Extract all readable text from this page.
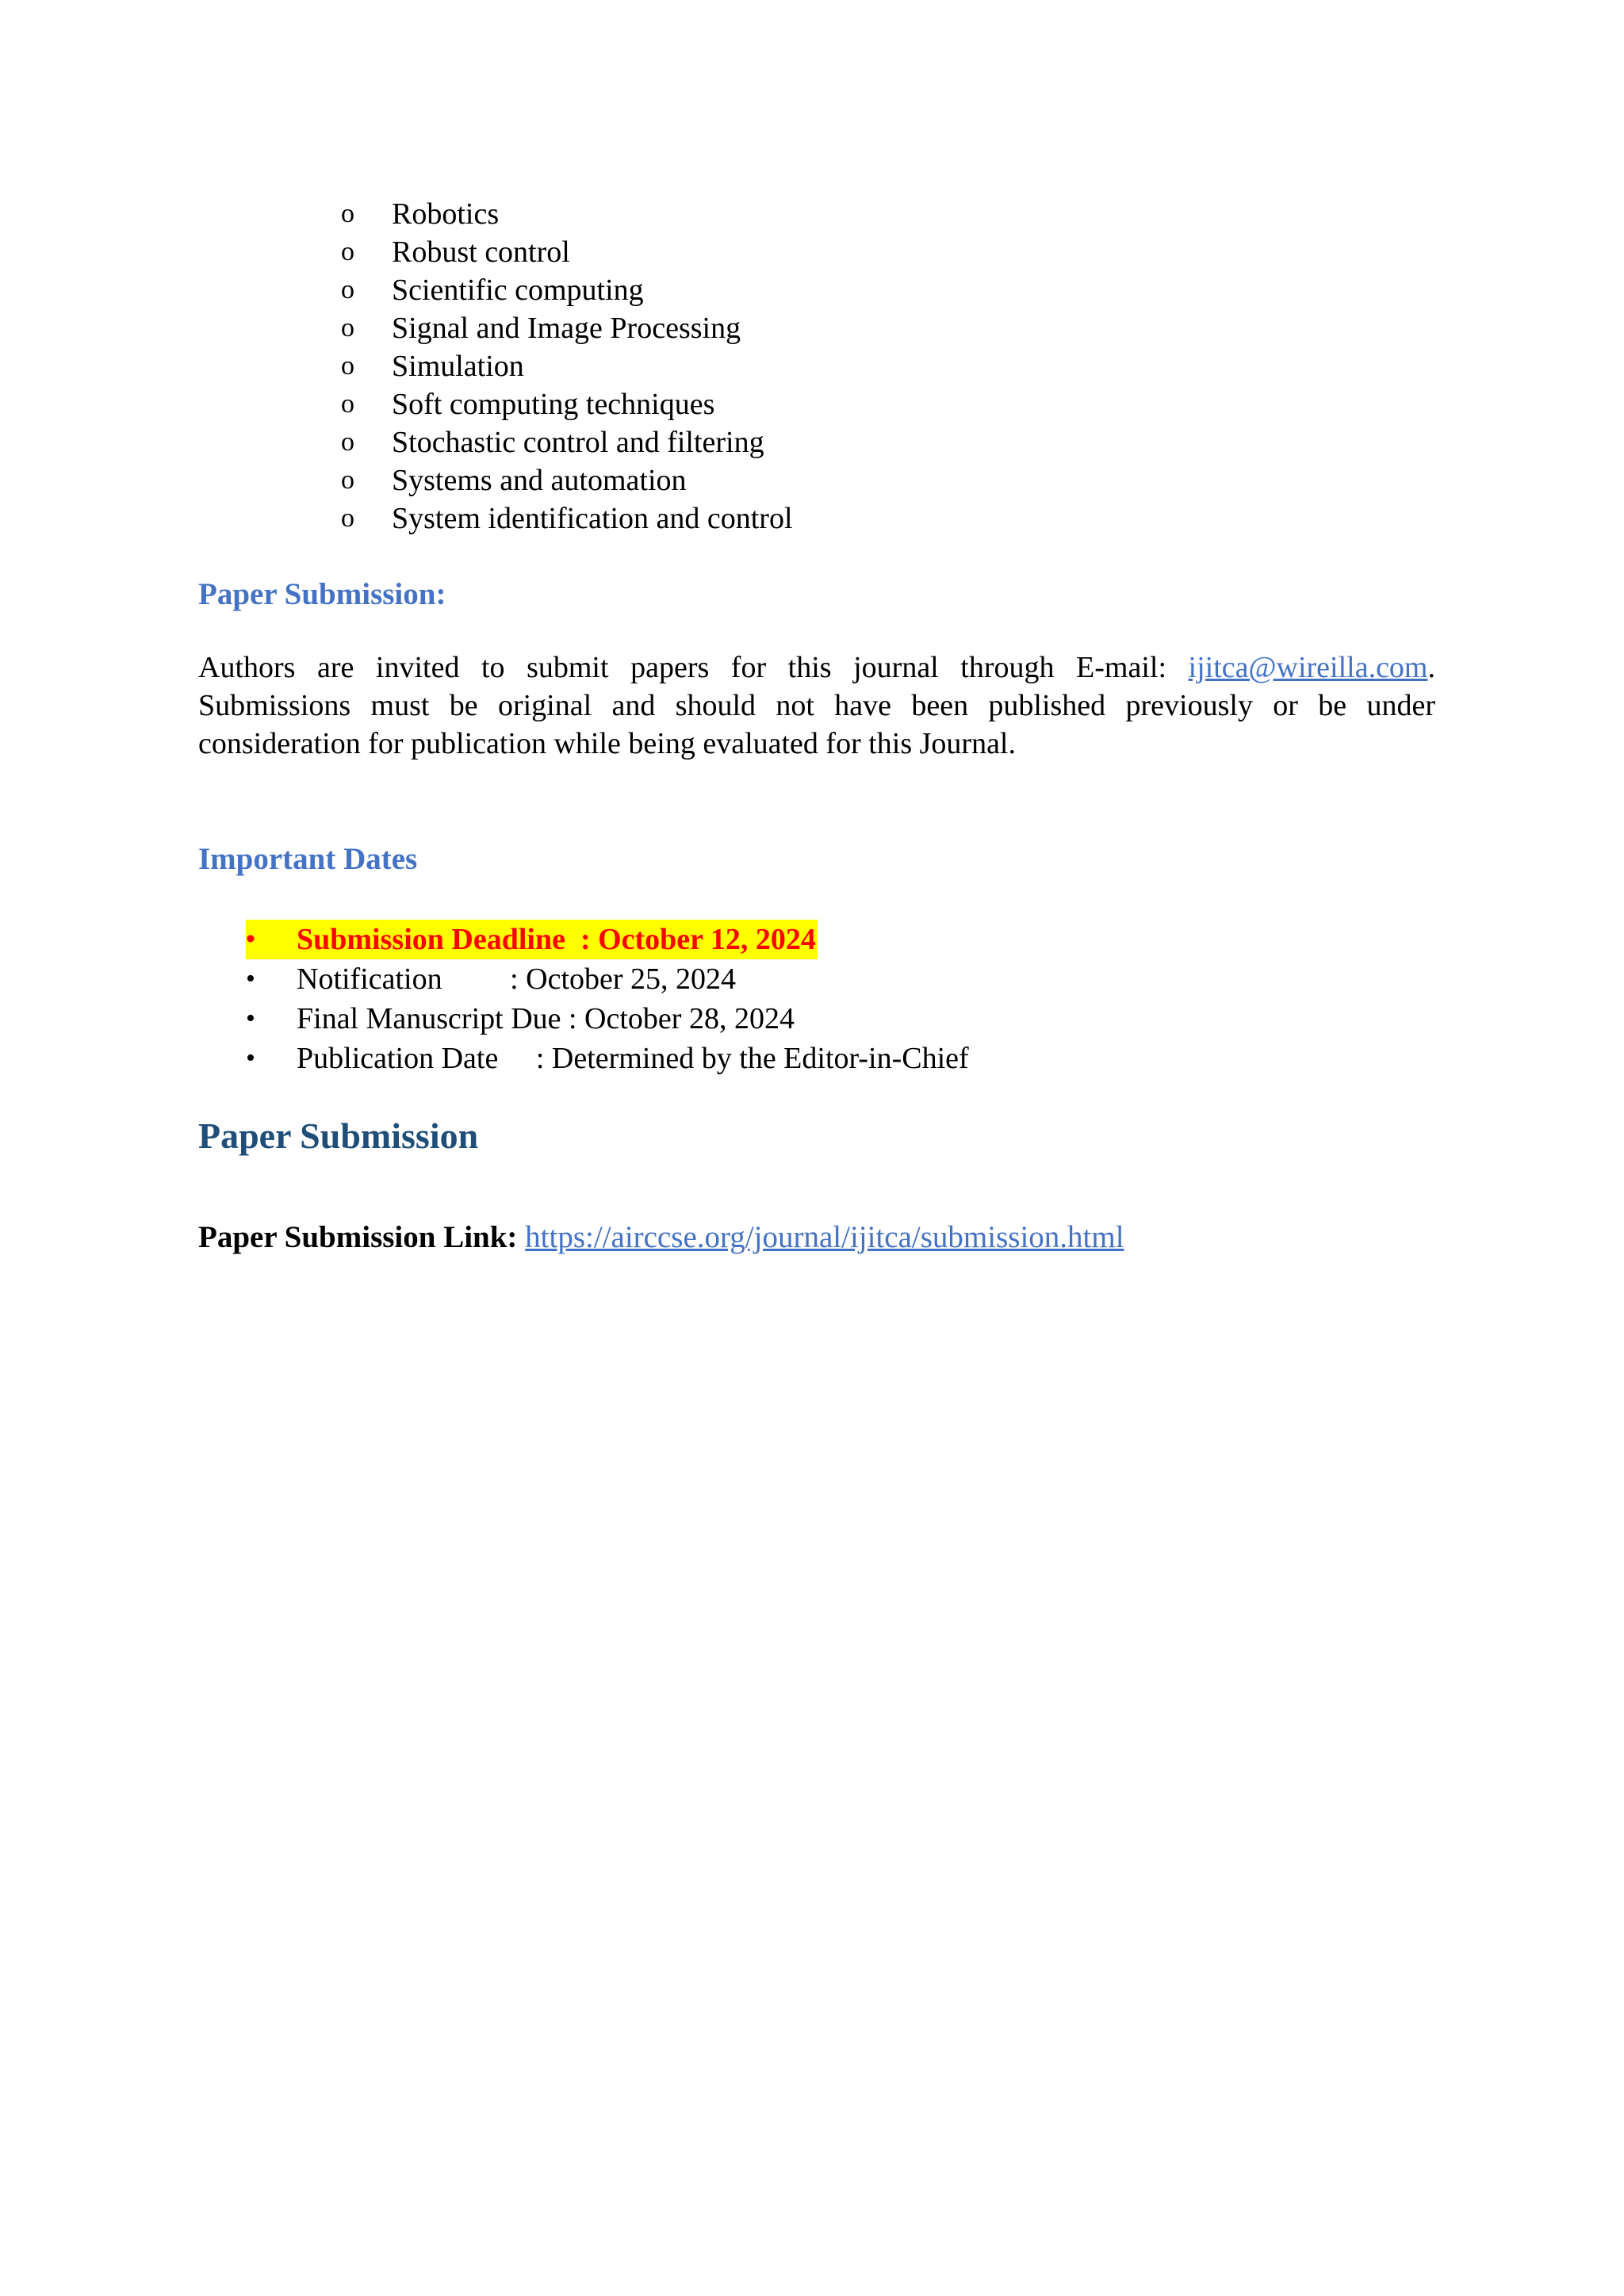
o	Robotics
o	Robust control
o	Scientific computing
o	Signal and Image Processing
o	Simulation
o	Soft computing techniques
o	Stochastic control and filtering
o	Systems and automation
o	System identification and control
Paper Submission:

Authors are invited to submit papers for this journal through E-mail: ijitca@wireilla.com. Submissions must be original and should not have been published previously or be under consideration for publication while being evaluated for this Journal.

Important Dates
•	Submission Deadline  : October 12, 2024
•	Notification         : October 25, 2024
•	Final Manuscript Due : October 28, 2024
•	Publication Date     : Determined by the Editor-in-Chief
Paper Submission

Paper Submission Link: https://airccse.org/journal/ijitca/submission.html
